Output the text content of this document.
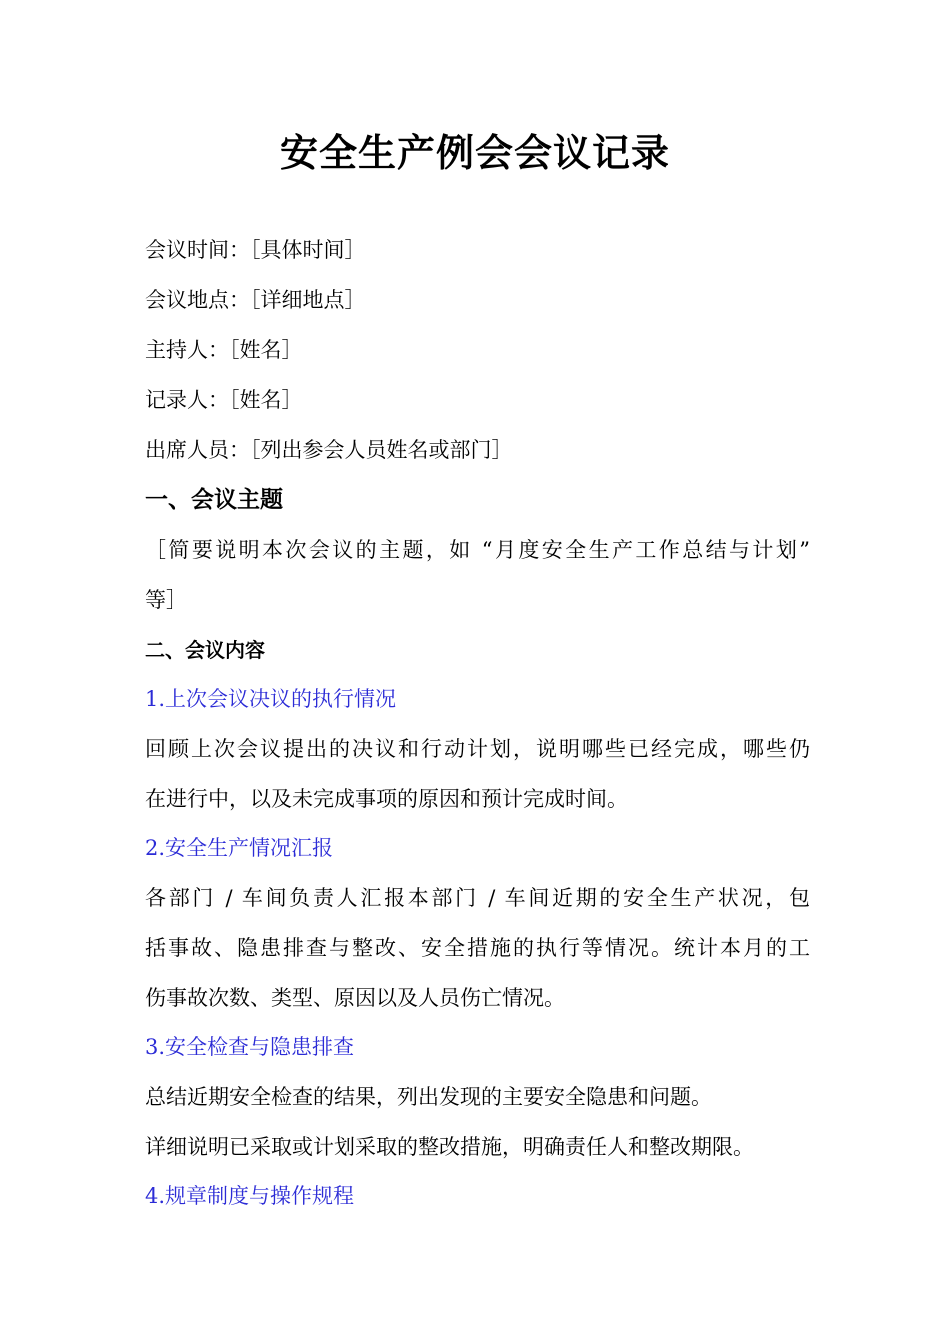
安全生产例会会议记录
会议时间：［具体时间］
会议地点：［详细地点］
主持人：［姓名］
记录人：［姓名］
出席人员：［列出参会人员姓名或部门］
一、会议主题
［简要说明本次会议的主题，如 “月度安全生产工作总结与计划”
等］
二、会议内容
1.上次会议决议的执行情况
回顾上次会议提出的决议和行动计划，说明哪些已经完成，哪些仍
在进行中，以及未完成事项的原因和预计完成时间。
2.安全生产情况汇报
各部门 / 车间负责人汇报本部门 / 车间近期的安全生产状况，包
括事故、隐患排查与整改、安全措施的执行等情况。统计本月的工
伤事故次数、类型、原因以及人员伤亡情况。
3.安全检查与隐患排查
总结近期安全检查的结果，列出发现的主要安全隐患和问题。
详细说明已采取或计划采取的整改措施，明确责任人和整改期限。
4.规章制度与操作规程
